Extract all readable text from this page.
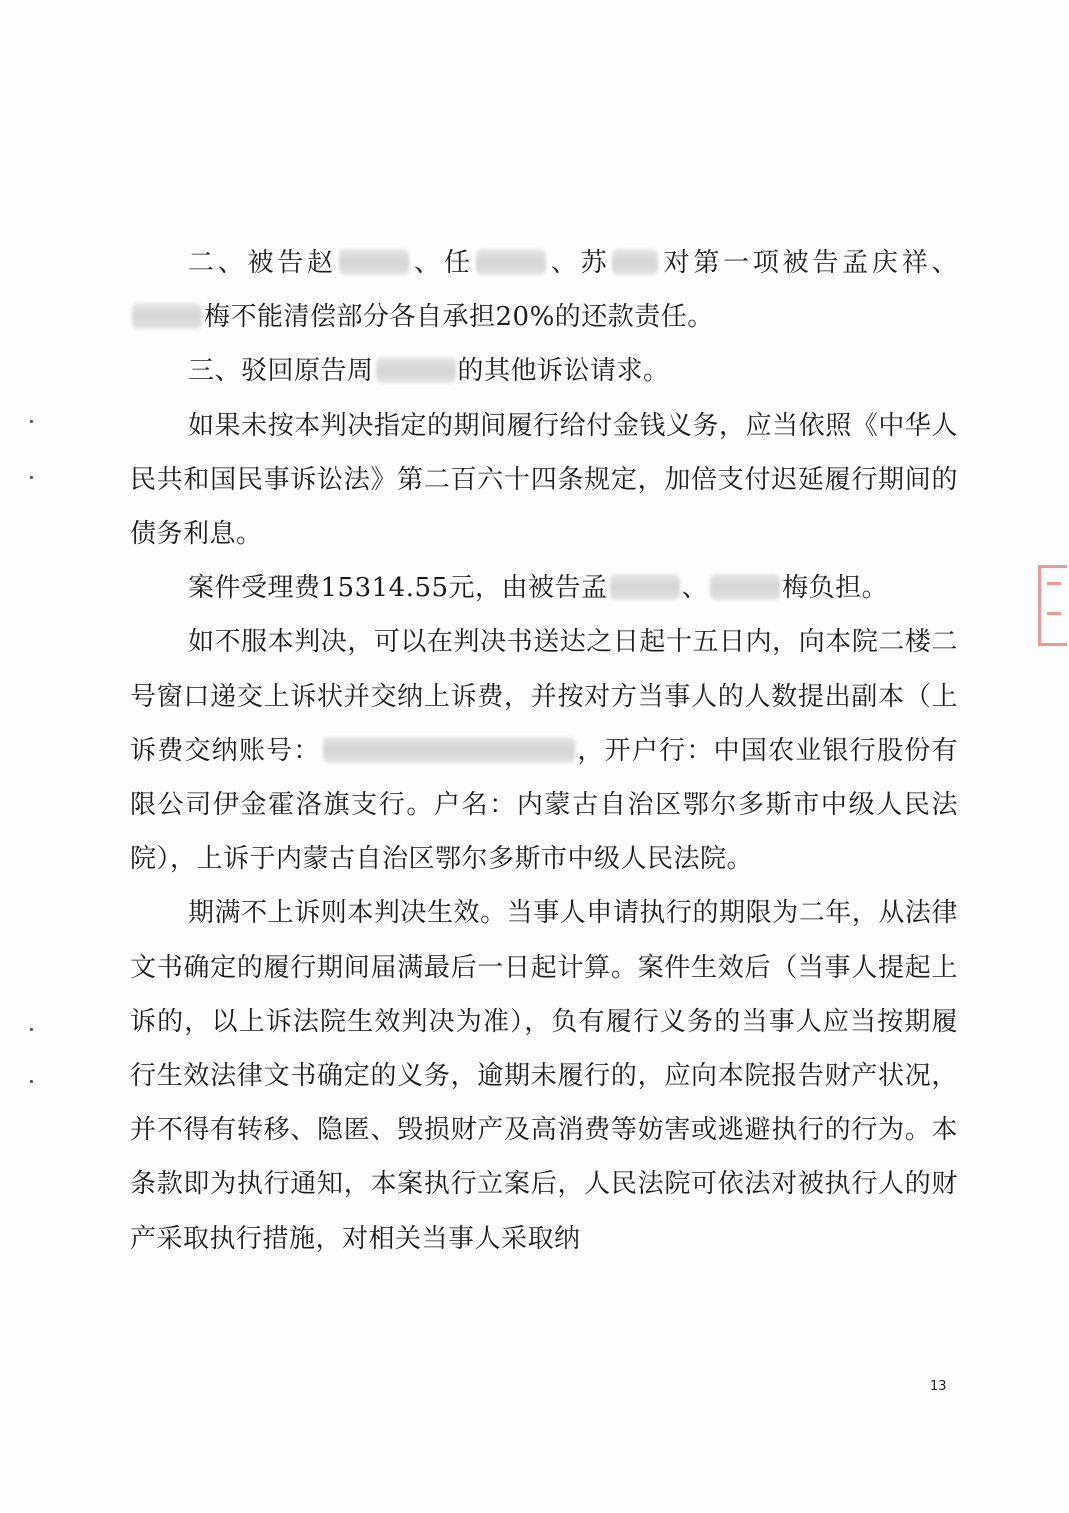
二、被告赵	、任	、苏 对第一项被告孟庆祥、梅不能清偿部分各自承担20%的还款责任。

三、驳回原告周	的其他诉讼请求。

如果未按本判决指定的期间履行给付金钱义务，应当依照《中华人民共和国民事诉讼法》第二百六十四条规定，加倍支付迟延履行期间的债务利息。

案件受理费15314.55元，由被告孟	、	梅负担。

如不服本判决，可以在判决书送达之日起十五日内，向本院二楼二号窗口递交上诉状并交纳上诉费，并按对方当事人的人数提出副本（上诉费交纳账号：	，开户行：中国农业银行股份有限公司伊金霍洛旗支行。户名：内蒙古自治区鄂尔多斯市中级人民法院），上诉于内蒙古自治区鄂尔多斯市中级人民法院。

期满不上诉则本判决生效。当事人申请执行的期限为二年，从法律文书确定的履行期间届满最后一日起计算。案件生效后（当事人提起上诉的，以上诉法院生效判决为准），负有履行义务的当事人应当按期履行生效法律文书确定的义务，逾期未履行的，应向本院报告财产状况，并不得有转移、隐匿、毁损财产及高消费等妨害或逃避执行的行为。本条款即为执行通知，本案执行立案后，人民法院可依法对被执行人的财产采取执行措施，对相关当事人采取纳

13
